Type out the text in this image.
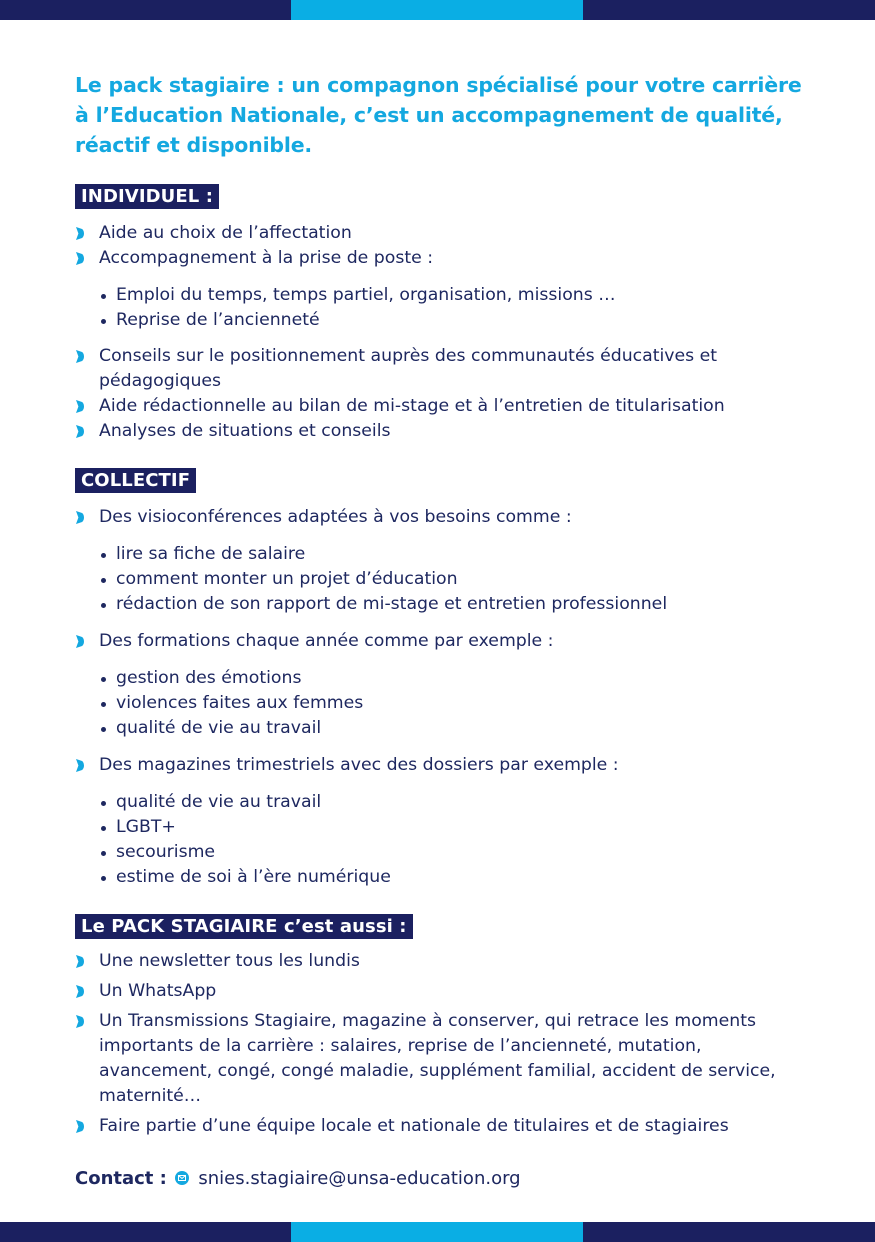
Le pack stagiaire : un compagnon spécialisé pour votre carrière à l’Education Nationale, c’est un accompagnement de qualité, réactif et disponible.

INDIVIDUEL :
Aide au choix de l’affectation
Accompagnement à la prise de poste :
Emploi du temps, temps partiel, organisation, missions …
Reprise de l’ancienneté
Conseils sur le positionnement auprès des communautés éducatives et pédagogiques
Aide rédactionnelle au bilan de mi-stage et à l’entretien de titularisation
Analyses de situations et conseils
COLLECTIF
Des visioconférences adaptées à vos besoins comme :
lire sa fiche de salaire
comment monter un projet d’éducation
rédaction de son rapport de mi-stage et entretien professionnel
Des formations chaque année comme par exemple :
gestion des émotions
violences faites aux femmes
qualité de vie au travail
Des magazines trimestriels avec des dossiers par exemple :
qualité de vie au travail
LGBT+
secourisme
estime de soi à l’ère numérique
Le PACK STAGIAIRE c’est aussi :
Une newsletter tous les lundis
Un WhatsApp
Un Transmissions Stagiaire, magazine à conserver, qui retrace les moments importants de la carrière : salaires, reprise de l’ancienneté, mutation, avancement, congé, congé maladie, supplément familial, accident de service, maternité…
Faire partie d’une équipe locale et nationale de titulaires et de stagiaires
Contact : snies.stagiaire@unsa-education.org
